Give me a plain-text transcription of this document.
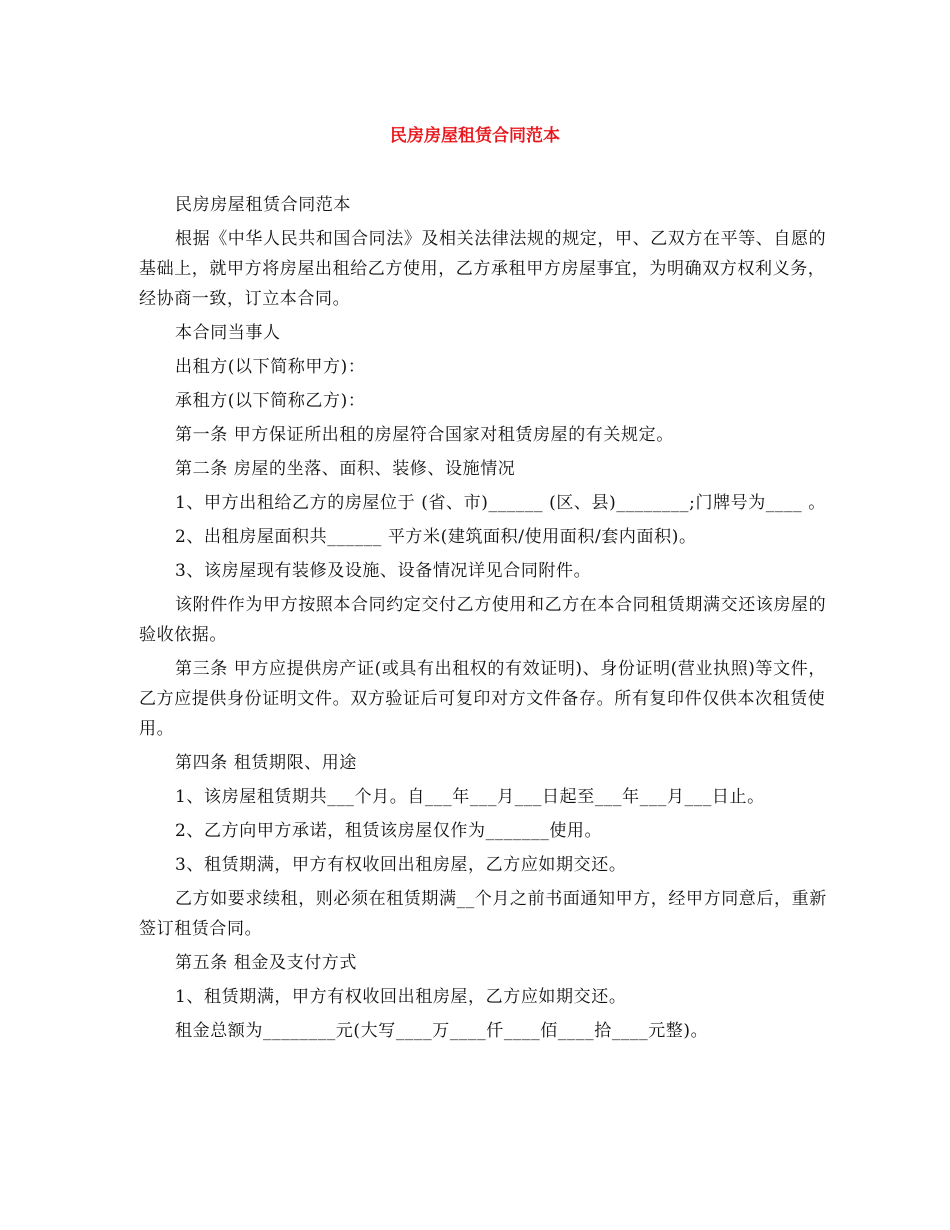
民房房屋租赁合同范本

民房房屋租赁合同范本

根据《中华人民共和国合同法》及相关法律法规的规定，甲、乙双方在平等、自愿的基础上，就甲方将房屋出租给乙方使用，乙方承租甲方房屋事宜，为明确双方权利义务，经协商一致，订立本合同。

本合同当事人

出租方(以下简称甲方)：

承租方(以下简称乙方)：

第一条 甲方保证所出租的房屋符合国家对租赁房屋的有关规定。

第二条 房屋的坐落、面积、装修、设施情况

1、甲方出租给乙方的房屋位于 (省、市)______ (区、县)________;门牌号为____ 。

2、出租房屋面积共______ 平方米(建筑面积/使用面积/套内面积)。

3、该房屋现有装修及设施、设备情况详见合同附件。

该附件作为甲方按照本合同约定交付乙方使用和乙方在本合同租赁期满交还该房屋的验收依据。

第三条 甲方应提供房产证(或具有出租权的有效证明)、身份证明(营业执照)等文件，乙方应提供身份证明文件。双方验证后可复印对方文件备存。所有复印件仅供本次租赁使用。

第四条 租赁期限、用途

1、该房屋租赁期共___个月。自___年___月___日起至___年___月___日止。

2、乙方向甲方承诺，租赁该房屋仅作为_______使用。

3、租赁期满，甲方有权收回出租房屋，乙方应如期交还。

乙方如要求续租，则必须在租赁期满__个月之前书面通知甲方，经甲方同意后，重新签订租赁合同。

第五条 租金及支付方式

1、租赁期满，甲方有权收回出租房屋，乙方应如期交还。

租金总额为________元(大写____万____仟____佰____拾____元整)。
